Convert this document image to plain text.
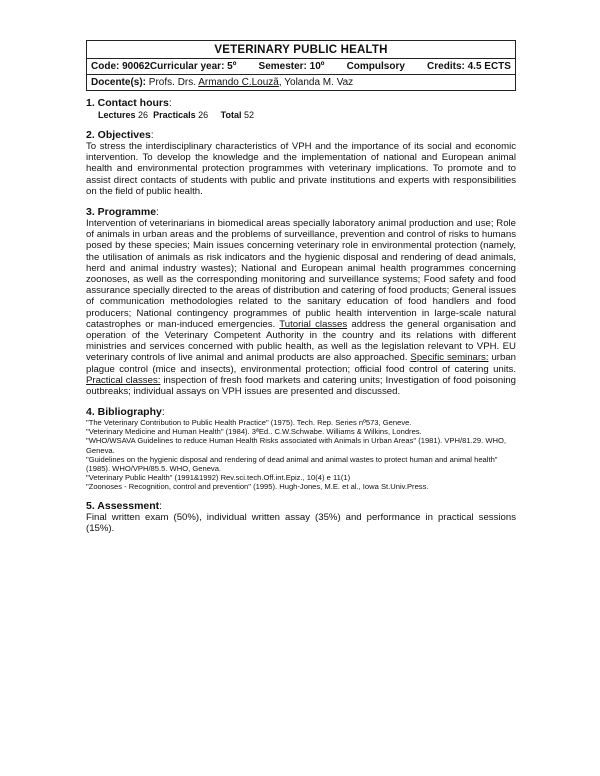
VETERINARY PUBLIC HEALTH
Code: 90062Curricular year: 5º Semester: 10º Compulsory Credits: 4.5 ECTS
Docente(s): Profs. Drs. Armando C.Louzã, Yolanda M. Vaz
1. Contact hours:
Lectures 26 Practicals 26 Total 52
2. Objectives:

To stress the interdisciplinary characteristics of VPH and the importance of its social and economic intervention. To develop the knowledge and the implementation of national and European animal health and environmental protection programmes with veterinary implications. To promote and to assist direct contacts of students with public and private institutions and experts with responsibilities on the field of public health.

3. Programme:

Intervention of veterinarians in biomedical areas specially laboratory animal production and use; Role of animals in urban areas and the problems of surveillance, prevention and control of risks to humans posed by these species; Main issues concerning veterinary role in environmental protection (namely, the utilisation of animals as risk indicators and the hygienic disposal and rendering of dead animals, herd and animal industry wastes); National and European animal health programmes concerning zoonoses, as well as the corresponding monitoring and surveillance systems; Food safety and food assurance specially directed to the areas of distribution and catering of food products; General issues of communication methodologies related to the sanitary education of food handlers and food producers; National contingency programmes of public health intervention in large-scale natural catastrophes or man-induced emergencies. Tutorial classes address the general organisation and operation of the Veterinary Competent Authority in the country and its relations with different ministries and services concerned with public health, as well as the legislation relevant to VPH. EU veterinary controls of live animal and animal products are also approached. Specific seminars: urban plague control (mice and insects), environmental protection; official food control of catering units. Practical classes: inspection of fresh food markets and catering units; Investigation of food poisoning outbreaks; individual assays on VPH issues are presented and discussed.

4. Bibliography:
"The Veterinary Contribution to Public Health Practice" (1975). Tech. Rep. Series nº573, Geneve.
"Veterinary Medicine and Human Health" (1984). 3ªEd.. C.W.Schwabe. Williams & Wilkins, Londres.
"WHO/WSAVA Guidelines to reduce Human Health Risks associated with Animals in Urban Areas" (1981). VPH/81.29. WHO, Geneva.
"Guidelines on the hygienic disposal and rendering of dead animal and animal wastes to protect human and animal health" (1985). WHO/VPH/85.5. WHO, Geneva.
"Veterinary Public Health" (1991&1992) Rev.sci.tech.Off.int.Epiz., 10(4) e 11(1)
"Zoonoses - Recognition, control and prevention" (1995). Hugh-Jones, M.E. et al., Iowa St.Univ.Press.
5. Assessment:

Final written exam (50%), individual written assay (35%) and performance in practical sessions (15%).
